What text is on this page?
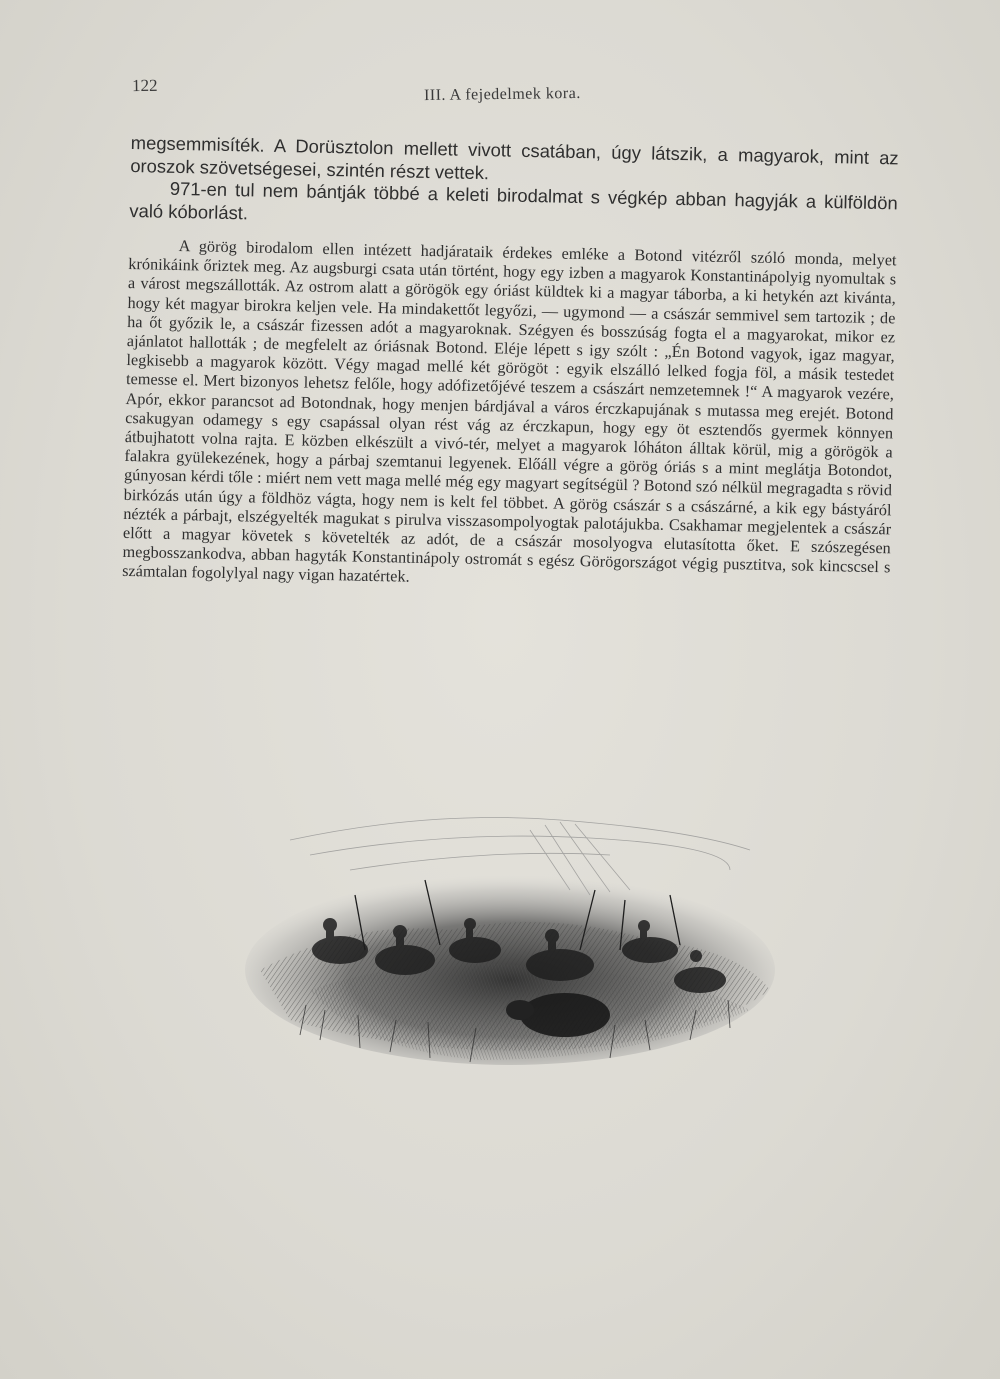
122	III. A fejedelmek kora.

megsemmisíték. A Dorüsztolon mellett vivott csatában, úgy látszik, a magyarok, mint az oroszok szövetségesei, szintén részt vettek.

971-en tul nem bántják többé a keleti birodalmat s végkép abban hagyják a külföldön való kóborlást.

A görög birodalom ellen intézett hadjárataik érdekes emléke a Botond vitézről szóló monda, melyet krónikáink őriztek meg. Az augsburgi csata után történt, hogy egy izben a magyarok Konstantinápolyig nyomultak s a várost megszállották. Az ostrom alatt a görögök egy óriást küldtek ki a magyar táborba, a ki hetykén azt kivánta, hogy két magyar birokra keljen vele. Ha mindakettőt legyőzi, — ugymond — a császár semmivel sem tartozik ; de ha őt győzik le, a császár fizessen adót a magyaroknak. Szégyen és bosszúság fogta el a magyarokat, mikor ez ajánlatot hallották ; de megfelelt az óriásnak Botond. Eléje lépett s igy szólt : „Én Botond vagyok, igaz magyar, legkisebb a magyarok között. Végy magad mellé két görögöt : egyik elszálló lelked fogja föl, a másik testedet temesse el. Mert bizonyos lehetsz felőle, hogy adófizetőjévé teszem a császárt nemzetemnek !“ A magyarok vezére, Apór, ekkor parancsot ad Botondnak, hogy menjen bárdjával a város érczkapujának s mutassa meg erejét. Botond csakugyan odamegy s egy csapással olyan rést vág az érczkapun, hogy egy öt esztendős gyermek könnyen átbujhatott volna rajta. E közben elkészült a vivó-tér, melyet a magyarok lóháton álltak körül, mig a görögök a falakra gyülekezének, hogy a párbaj szemtanui legyenek. Előáll végre a görög óriás s a mint meglátja Botondot, gúnyosan kérdi tőle : miért nem vett maga mellé még egy magyart segítségül ? Botond szó nélkül megragadta s rövid birkózás után úgy a földhöz vágta, hogy nem is kelt fel többet. A görög császár s a császárné, a kik egy bástyáról nézték a párbajt, elszégyelték magukat s pirulva visszasompolyogtak palotájukba. Csakhamar megjelentek a császár előtt a magyar követek s követelték az adót, de a császár mosolyogva elutasította őket. E szószegésen megbosszankodva, abban hagyták Konstantinápoly ostromát s egész Görögországot végig pusztitva, sok kincscsel s számtalan fogolylyal nagy vigan hazatértek.
